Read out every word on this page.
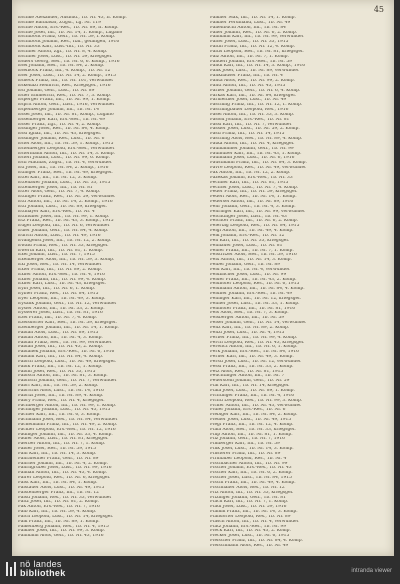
45
Eschke Alexander, Ausbild., Tb. Nr. 43, II. Komp.
Eschke Balthasar, Zugsf., Lg. Nr. 119
Eschle Anton, Ers.-Res., Tb. Nr. 89, II. Komp.
Eschle Josef, Inf., Tb. Nr. 14, 1. Komp., Lugano
Eschlböck Franz, Gefr., Tb. Nr. 59, I. Komp.
Eschlböck Johann, Res., Ital., gefangen, 1916
Eschlböck Karl, Ldst.-Inf., Tb. Nr. 33
Eschner Anton, Zgf., Tb. Nr. 8, 4. Komp.
Eschner Josef, Ldst., Tb. Nr. 59, kriegsgef.
Esders Georg, Res., Tb. Nr. 6, 6. Komp., 1916
Esel Johann, Res., Tb. Nr. 84, 2. Komp.
Eselböck Franz, Inf., 4. Komp., Tb. Nr. 12
Eser Josef, Ldst., Tb. Nr. 14, 2. Komp., 1915
Esheck Franz, Inf., Tb. Nr. 101, verwundet
Eskenazi Heinrich, Res., Kriegsgef., 1916
Esl Johann, Gefr., Ldst., Tb. Nr. 89
Esler Emmerich, Res., Tb. Nr. 7, 3. Komp.
Esperger Franz, Inf., Tb. Nr. 99, 1. Komp.
Esprit Anton, Gefr., Ldst., 1916, verwundet
Espenberger Johann, Inf., Tb. Nr. 14
Essel Josef, Inf., Tb. Nr. 81, Komp., Lugano
Essenberger Karl, Ers.-Res., Tb. Nr. 49
Esser Franz, Zgf., Tb. Nr. 4, 2. Komp.
Essinger Josef, Res., Tb. Nr. 84, 4. Komp.
Essl Ignaz, Inf., Tb. Nr. 43, kriegsgef.
Esslinger Johann, Res., Ldst., Tb. Nr. 6
Estel Alois, Inf., Tb. Nr. 59, 1. Komp., 1915
Estenberger Leopold, Ers.-Res., verwundet
Estermann Anton, Inf., Tb. Nr. 14, 3. Komp.
Esterl Johann, Ldst., Tb. Nr. 99, 6. Komp.
Estl Mathias, Zugsf., Tb. Nr. 4, verwundet
Etl Josef, Inf., Tb. Nr. 84, 2. Komp., 1916
Etlinger Franz, Res., Tb. Nr. 49, kriegsgef.
Ettel Karl, Inf., Tb. Nr. 12, 3. Komp.
Ettenauer Johann, Ldst., Tb. Nr. 33, 1915
Ettenberger Josef, Inf., Tb. Nr. 81
Etter Alois, Gefr., Tb. Nr. 7, 4. Komp.
Ettinger Franz, Res., Tb. Nr. 59, verwundet
Ettl Anton, Inf., Tb. Nr. 14, 2. Komp., 1916
Ettl Johann, Ldst., Tb. Nr. 89, kriegsgef.
Ettmayer Karl, Ers.-Res., Tb. Nr. 4
Ettmüller Josef, Inf., Tb. Nr. 99, 1. Komp.
Etz Franz, Res., Tb. Nr. 43, 3. Komp., 1915
Eugel Leopold, Inf., Tb. Nr. 6, verwundet
Euler Johann, Gefr., Tb. Nr. 84, 4. Komp.
Eurich Anton, Ldst., Tb. Nr. 49, 1916
Evangelist Josef, Inf., Tb. Nr. 12, 2. Komp.
Ewald Franz, Res., Tb. Nr. 33, kriegsgef.
Ewerth Karl, Inf., Tb. Nr. 81, 1. Komp.
Exel Johann, Ldst., Tb. Nr. 7, 1915
Exenberger Alois, Inf., Tb. Nr. 59, 3. Komp.
Exl Josef, Res., Tb. Nr. 14, verwundet
Exler Franz, Inf., Tb. Nr. 89, 2. Komp.
Exner Anton, Ers.-Res., Tb. Nr. 4, 1916
Exner Johann, Inf., Tb. Nr. 99, 4. Komp.
Exner Karl, Ldst., Tb. Nr. 43, kriegsgef.
Eybl Josef, Inf., Tb. Nr. 6, 1. Komp.
Eybler Franz, Res., Tb. Nr. 84, 1915
Eyer Leopold, Inf., Tb. Nr. 49, 3. Komp.
Eysank Johann, Gefr., Tb. Nr. 12, verwundet
Eysler Anton, Inf., Tb. Nr. 33, 2. Komp.
Eysserer Josef, Ldst., Tb. Nr. 81, 1916
Ezel Franz, Inf., Tb. Nr. 7, 4. Komp.
Ezelsdorfer Karl, Res., Tb. Nr. 59, kriegsgef.
Ezenberger Johann, Inf., Tb. Nr. 14, 1. Komp.
Fabian Alois, Ldst., Tb. Nr. 89, 1915
Fabian Anton, Inf., Tb. Nr. 4, 3. Komp.
Fabian Franz, Res., Tb. Nr. 99, verwundet
Fabian Josef, Inf., Tb. Nr. 43, 2. Komp.
Fabianek Johann, Ers.-Res., Tb. Nr. 6, 1916
Fabiani Karl, Inf., Tb. Nr. 84, 4. Komp.
Fabich Leopold, Ldst., Tb. Nr. 49, kriegsgef.
Fabik Franz, Inf., Tb. Nr. 12, 1. Komp.
Fabini Josef, Res., Tb. Nr. 33, 1915
Fabisch Anton, Inf., Tb. Nr. 81, 3. Komp.
Fabitsch Johann, Gefr., Tb. Nr. 7, verwundet
Fabri Karl, Inf., Tb. Nr. 59, 2. Komp.
Fabricius Alois, Ldst., Tb. Nr. 14, 1916
Fabrizi Josef, Inf., Tb. Nr. 89, 4. Komp.
Fabry Franz, Res., Tb. Nr. 4, kriegsgef.
Fachberger Anton, Inf., Tb. Nr. 99, 1. Komp.
Fachinger Johann, Ldst., Tb. Nr. 43, 1915
Fachler Karl, Inf., Tb. Nr. 6, 3. Komp.
Fachmann Josef, Res., Tb. Nr. 84, verwundet
Fackelmann Franz, Inf., Tb. Nr. 49, 2. Komp.
Fackler Leopold, Ers.-Res., Tb. Nr. 12, 1916
Fadinger Johann, Inf., Tb. Nr. 33, 4. Komp.
Fadler Alois, Ldst., Tb. Nr. 81, kriegsgef.
Faerber Anton, Inf., Tb. Nr. 7, 1. Komp.
Fäßler Josef, Res., Tb. Nr. 59, 1915
Fahl Karl, Inf., Tb. Nr. 14, 3. Komp.
Fahrafellner Franz, Gefr., Tb. Nr. 89
Fahrner Johann, Inf., Tb. Nr. 4, 2. Komp.
Fahrngruber Josef, Ldst., Tb. Nr. 99, 1916
Faiman Anton, Inf., Tb. Nr. 43, 4. Komp.
Fairer Leopold, Res., Tb. Nr. 6, kriegsgef.
Faist Karl, Inf., Tb. Nr. 84, 1. Komp.
Faistauer Alois, Ldst., Tb. Nr. 49, 1915
Faistenberger Franz, Inf., Tb. Nr. 12
Faistl Johann, Res., Tb. Nr. 33, verwundet
Faitz Josef, Inf., Tb. Nr. 81, 2. Komp.
Fak Anton, Ers.-Res., Tb. Nr. 7, 1916
Falb Karl, Inf., Tb. Nr. 59, 4. Komp.
Falch Leopold, Ldst., Tb. Nr. 14, kriegsgef.
Falk Franz, Inf., Tb. Nr. 89, 1. Komp.
Falkenberg Johann, Res., Tb. Nr. 4, 1915
Falkner Josef, Inf., Tb. Nr. 99, 3. Komp.
Fallmann Alois, Gefr., Tb. Nr. 43, 1916
Falkner Max, Inf., Tb. Nr. 14, 1. Komp.
Falkner Ferdinand, Ldst., Tb. Nr. 49
Fallenbüchl Anton, Inf., Tb. Nr. 84
Faller Johann, Res., Tb. Nr. 6, 2. Komp.
Fallmann Karl, Inf., Tb. Nr. 99, verwundet
Falter Josef, Ldst., Tb. Nr. 33, 1915
Faltin Franz, Inf., Tb. Nr. 12, 4. Komp.
Faltis Leopold, Res., Tb. Nr. 81, kriegsgef.
Falz Anton, Inf., Tb. Nr. 7, 1. Komp.
Fanderl Johann, Ers.-Res., Tb. Nr. 59
Fandl Karl, Inf., Tb. Nr. 14, 3. Komp., 1916
Fank Josef, Ldst., Tb. Nr. 89, verwundet
Fankhauser Franz, Inf., Tb. Nr. 4
Fanta Alois, Res., Tb. Nr. 99, 2. Komp.
Fantl Anton, Inf., Tb. Nr. 43, 1915
Farber Johann, Gefr., Tb. Nr. 6, 4. Komp.
Farkas Karl, Inf., Tb. Nr. 84, kriegsgef.
Farnleitner Josef, Ldst., Tb. Nr. 49
Fasching Franz, Inf., Tb. Nr. 12, 1. Komp.
Faschingbauer Leopold, Res., 1916
Fasel Anton, Inf., Tb. Nr. 33, 3. Komp.
Fasold Johann, Ers.-Res., Tb. Nr. 81
Fassl Karl, Inf., Tb. Nr. 7, verwundet
Fassler Josef, Ldst., Tb. Nr. 59, 2. Komp.
Fastl Franz, Inf., Tb. Nr. 14, 1915
Fasching Alois, Res., Tb. Nr. 89, 4. Komp.
Fatka Anton, Inf., Tb. Nr. 4, kriegsgef.
Faulhammer Johann, Gefr., Tb. Nr. 99
Faulhuber Karl, Inf., Tb. Nr. 43, 1. Komp.
Faulmann Josef, Ldst., Tb. Nr. 6, 1916
Faustmann Franz, Inf., Tb. Nr. 84, 3. Komp.
Favre Leopold, Res., Tb. Nr. 49, verwundet
Fax Anton, Inf., Tb. Nr. 12, 2. Komp.
Fazekas Johann, Ers.-Res., Tb. Nr. 33
Fechner Karl, Inf., Tb. Nr. 81, 1915
Fechter Josef, Ldst., Tb. Nr. 7, 4. Komp.
Feder Franz, Inf., Tb. Nr. 59, kriegsgef.
Federl Alois, Res., Tb. Nr. 14, 1. Komp.
Federsel Anton, Inf., Tb. Nr. 89, 1916
Fehr Johann, Gefr., Tb. Nr. 4, 3. Komp.
Fehringer Karl, Inf., Tb. Nr. 99, verwundet
Feichtinger Josef, Ldst., Tb. Nr. 43
Feichter Franz, Inf., Tb. Nr. 6, 2. Komp.
Feiertag Leopold, Res., Tb. Nr. 84, 1915
Feigl Anton, Inf., Tb. Nr. 49, 4. Komp.
Feik Johann, Ers.-Res., Tb. Nr. 12
Feil Karl, Inf., Tb. Nr. 33, kriegsgef.
Feilhauer Josef, Ldst., Tb. Nr. 81
Feiner Franz, Inf., Tb. Nr. 7, 1. Komp.
Feistritzer Alois, Res., Tb. Nr. 59, 1916
Feix Anton, Inf., Tb. Nr. 14, 3. Komp.
Felber Johann, Gefr., Tb. Nr. 89
Feld Karl, Inf., Tb. Nr. 4, verwundet
Feldbacher Josef, Ldst., Tb. Nr. 99
Felder Franz, Inf., Tb. Nr. 43, 2. Komp.
Feldhofer Leopold, Res., Tb. Nr. 6, 1915
Feldmann Anton, Inf., Tb. Nr. 84, 4. Komp.
Feldner Johann, Ers.-Res., Tb. Nr. 49
Fellinger Karl, Inf., Tb. Nr. 12, kriegsgef.
Fellner Josef, Ldst., Tb. Nr. 33, 1. Komp.
Felnhofer Franz, Inf., Tb. Nr. 81, 1916
Fels Alois, Res., Tb. Nr. 7, 3. Komp.
Felsberger Anton, Inf., Tb. Nr. 59
Felser Johann, Gefr., Tb. Nr. 14, verwundet
Fenz Karl, Inf., Tb. Nr. 89, 2. Komp.
Fenzl Josef, Ldst., Tb. Nr. 4, 1915
Ferber Franz, Inf., Tb. Nr. 99, 4. Komp.
Ferch Leopold, Res., Tb. Nr. 43, kriegsgef.
Ferencz Anton, Inf., Tb. Nr. 6, 1. Komp.
Ferk Johann, Ers.-Res., Tb. Nr. 84, 1916
Ferner Karl, Inf., Tb. Nr. 49, 3. Komp.
Ferstl Josef, Ldst., Tb. Nr. 12, verwundet
Fessl Franz, Inf., Tb. Nr. 33, 2. Komp.
Fetz Alois, Res., Tb. Nr. 81, 1915
Feuchtinger Anton, Inf., Tb. Nr. 7
Feuerstein Johann, Gefr., Tb. Nr. 59
Fial Karl, Inf., Tb. Nr. 14, kriegsgef.
Fiala Josef, Ldst., Tb. Nr. 89, 1. Komp.
Fichtinger Franz, Inf., Tb. Nr. 4, 1916
Fichtl Leopold, Res., Tb. Nr. 99, 3. Komp.
Ficker Anton, Inf., Tb. Nr. 43, verwundet
Fidler Johann, Ers.-Res., Tb. Nr. 6
Fiebiger Karl, Inf., Tb. Nr. 84, 2. Komp.
Fiedler Josef, Ldst., Tb. Nr. 49, 1915
Fiegl Franz, Inf., Tb. Nr. 12, 4. Komp.
Fiala Alois, Res., Tb. Nr. 33, kriegsgef.
Filip Anton, Inf., Tb. Nr. 81, 1. Komp.
Filz Johann, Gefr., Tb. Nr. 7, 1916
Fimberger Karl, Inf., Tb. Nr. 59
Fink Josef, Ldst., Tb. Nr. 14, 3. Komp.
Finsterer Franz, Inf., Tb. Nr. 89
Firnhaber Leopold, Res., Tb. Nr. 4
Fischbacher Anton, Inf., Tb. Nr. 99
Fischer Johann, Ers.-Res., Tb. Nr. 43
Fischer Karl, Inf., Tb. Nr. 6, 2. Komp.
Fischer Josef, Ldst., Tb. Nr. 84, 1915
Fischl Franz, Inf., Tb. Nr. 49, 4. Komp.
Fischnaller Alois, Res., Tb. Nr. 12
Fitz Anton, Inf., Tb. Nr. 33, kriegsgef.
Fitzinger Johann, Gefr., Tb. Nr. 81
Flach Karl, Inf., Tb. Nr. 7, 1. Komp.
Fladl Josef, Ldst., Tb. Nr. 59, 1916
Flamm Franz, Inf., Tb. Nr. 14, 3. Komp.
Flandorfer Leopold, Res., Tb. Nr. 89
Flasch Anton, Inf., Tb. Nr. 4, verwundet
Flatz Johann, Ers.-Res., Tb. Nr. 99
Fleck Karl, Inf., Tb. Nr. 43, 2. Komp.
Flecker Josef, Ldst., Tb. Nr. 6, 1915
Fleischer Franz, Inf., Tb. Nr. 84, 4. Komp.
Fleischmann Alois, Res., Tb. Nr. 49
nö landes
bibliothek	intranda viewer
